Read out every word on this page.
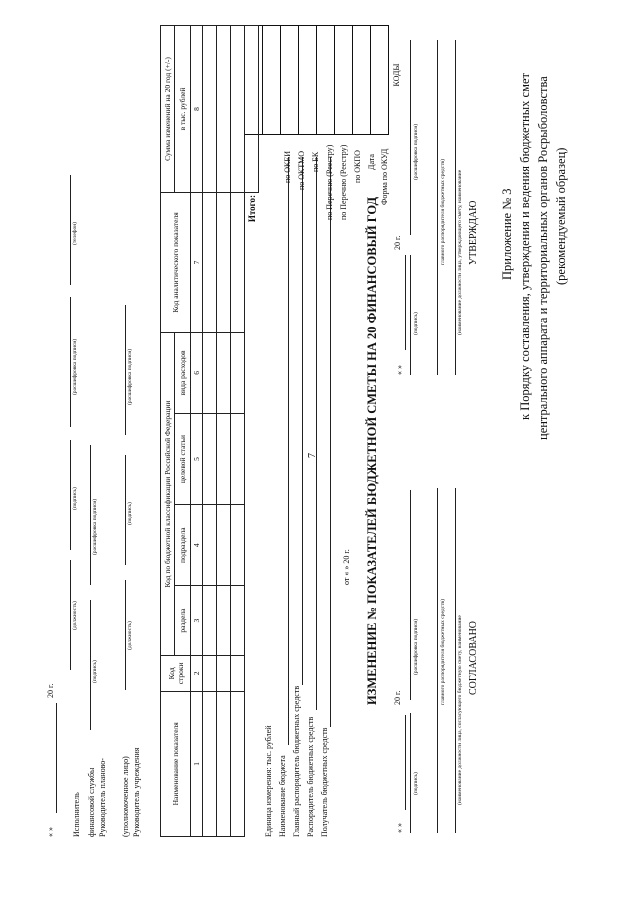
7
Приложение № 3 к Порядку составления, утверждения и ведения бюджетных смет центрального аппарата и территориальных органов Росрыболовства (рекомендуемый образец)
УТВЕРЖДАЮ
(наименование должности лица, утверждающего смету, наименование
главного распорядителя бюджетных средств)
(подпись)
(расшифровка подписи)
« »
20 г.
СОГЛАСОВАНО
(наименование должности лица, согласующего бюджетную смету, наименование
главного распорядителя бюджетных средств)
(подпись)
(расшифровка подписи)
« »
20 г.
ИЗМЕНЕНИЕ № ПОКАЗАТЕЛЕЙ БЮДЖЕТНОЙ СМЕТЫ НА 20 ФИНАНСОВЫЙ ГОД
от « » 20 г.
Получатель бюджетных средств
Распорядитель бюджетных средств
Главный распорядитель бюджетных средств
Наименование бюджета
Единица измерения: тыс. рублей
Форма по ОКУД
Дата
по ОКПО
по Перечню (Реестру)
по Перечню (Реестру)
по БК
по ОКТМО
по ОКЕИ
КОДЫ

Наименование показателя	Код строки	Код по бюджетной классификации Российской Федерации				Код аналитического показателя	Сумма изменений на 20 год (+/-)
		раздела	подраздела	целевой статьи	вида расходов		в тыс. рублей
1	2	3	4	5	6	7	8

Итого:							
Руководитель учреждения
(уполномоченное лицо)
(должность)
(подпись)
(расшифровка подписи)
Руководитель планово-
финансовой службы
(подпись)
(расшифровка подписи)
Исполнитель
(должность)
(подпись)
(расшифровка подписи)
(телефон)
« »
20 г.
